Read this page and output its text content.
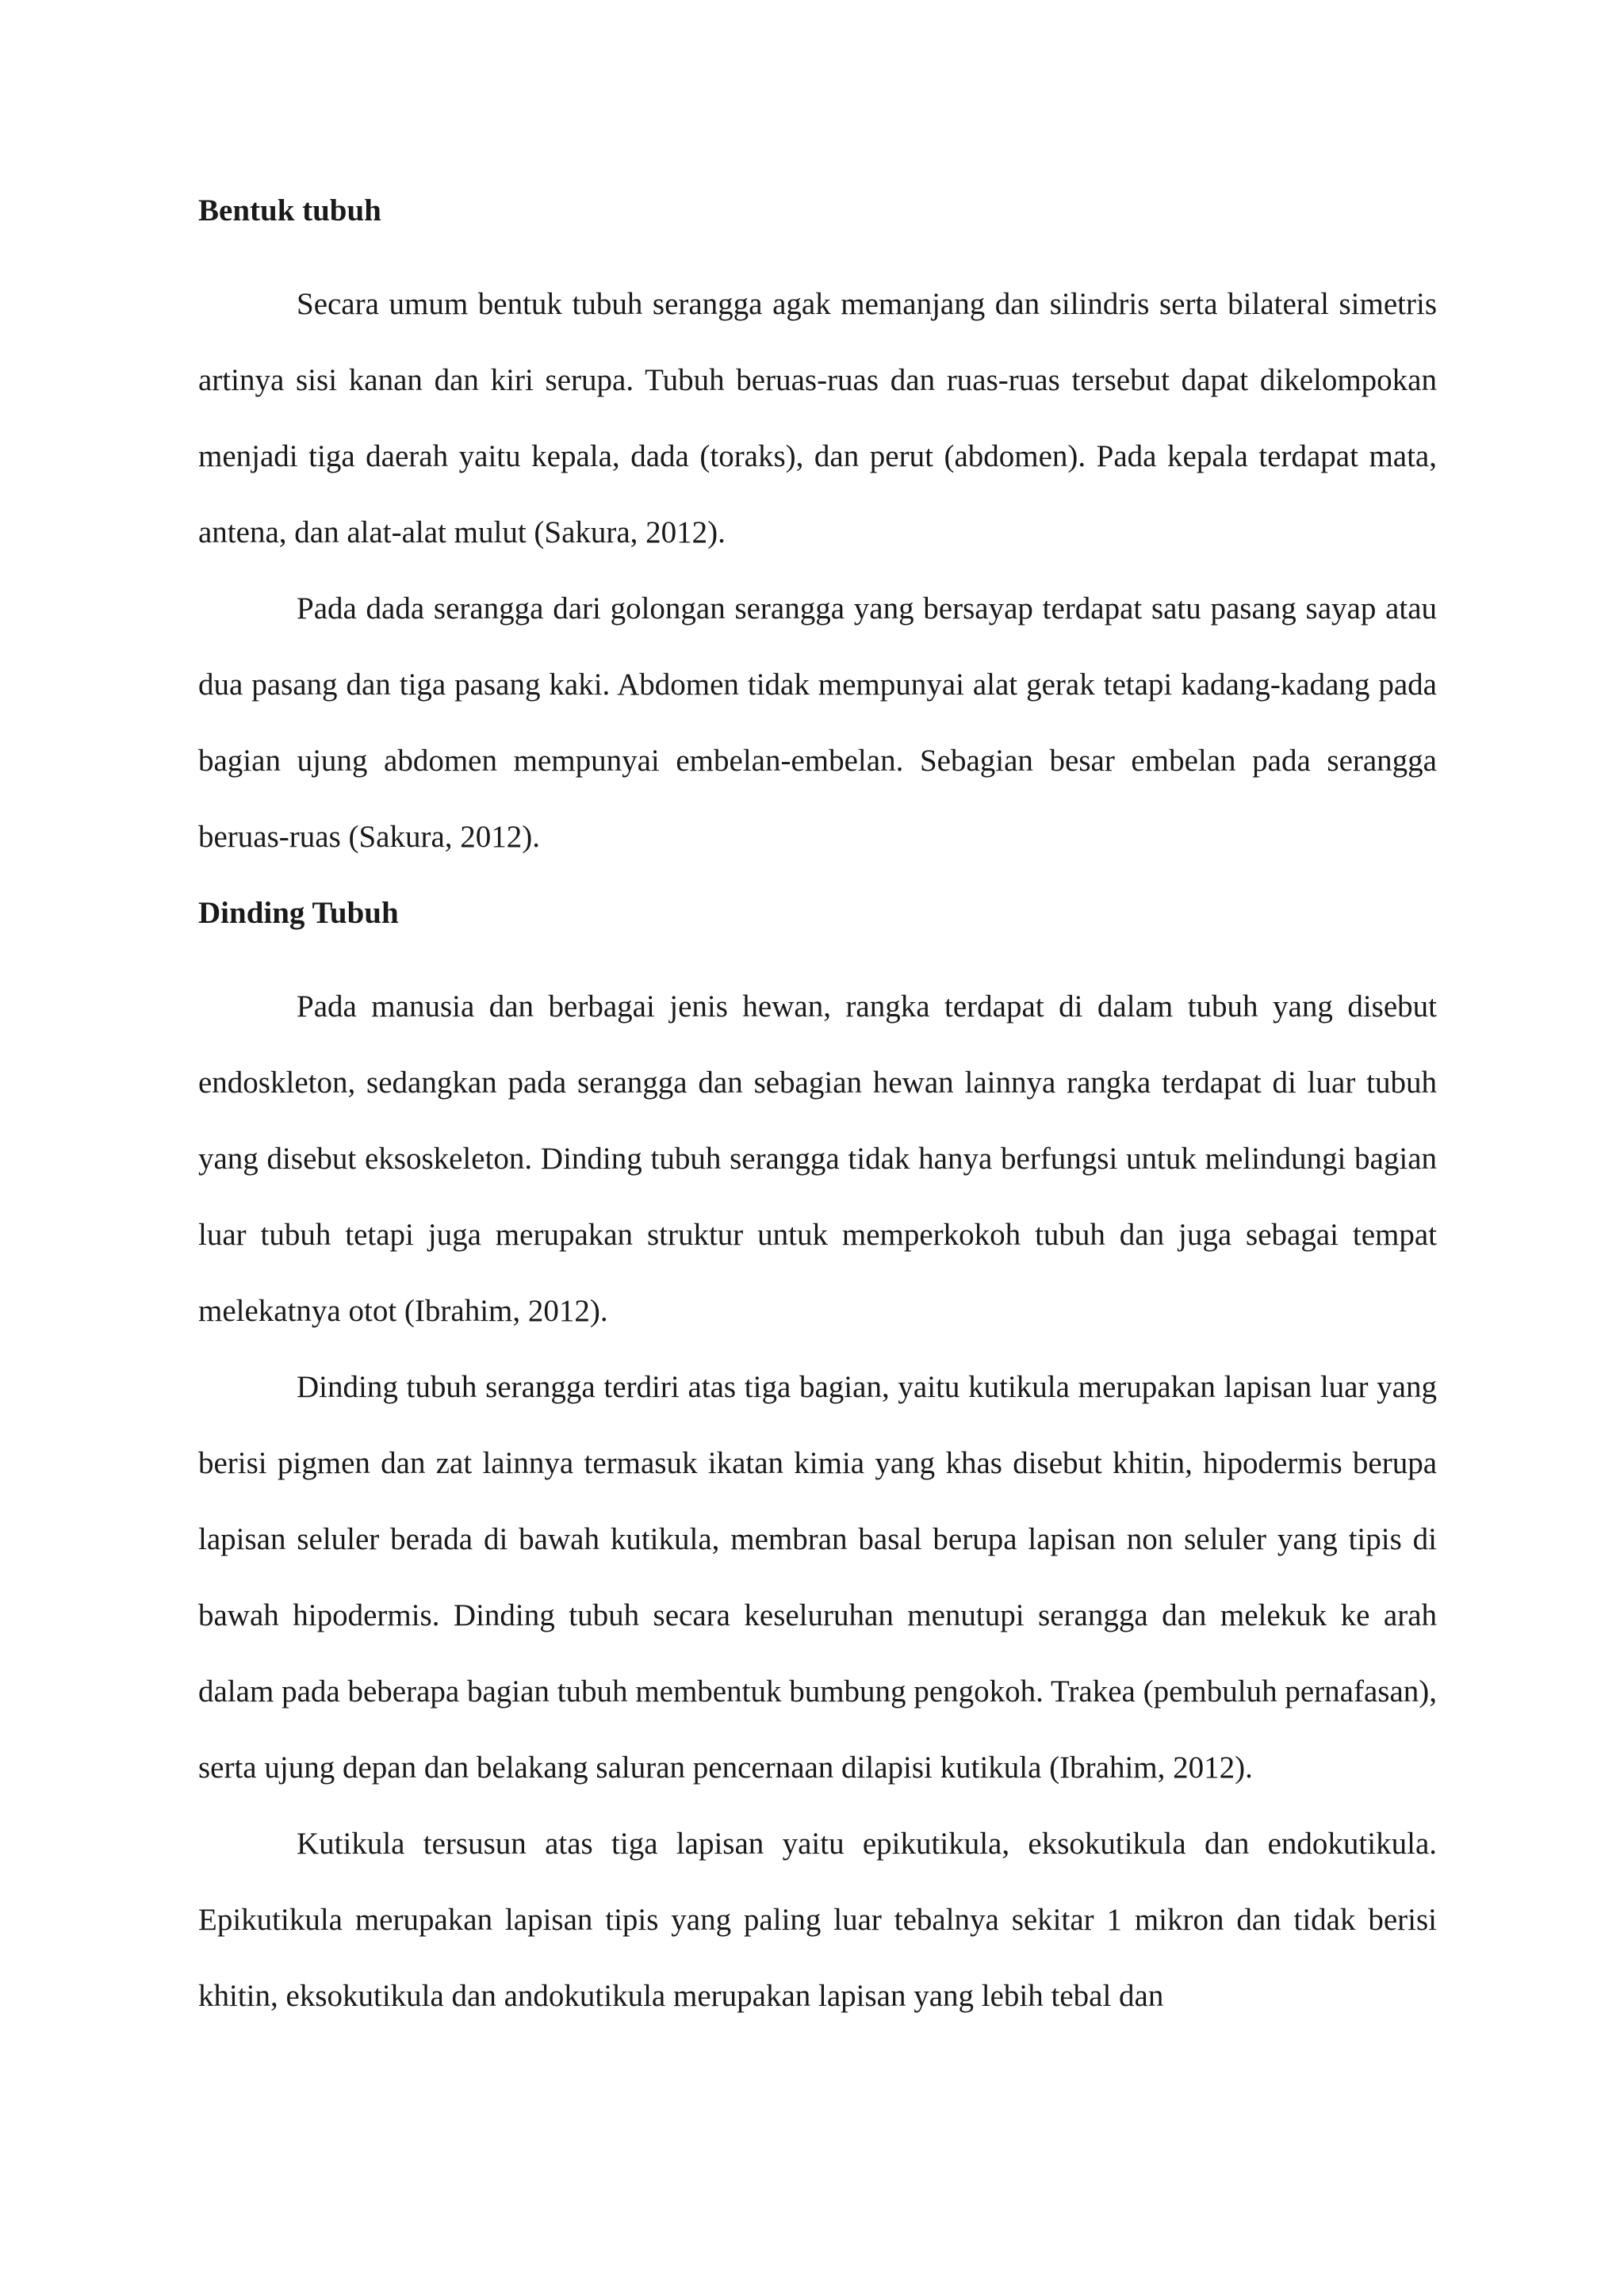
Bentuk tubuh

Secara umum bentuk tubuh serangga agak memanjang dan silindris serta bilateral simetris artinya sisi kanan dan kiri serupa. Tubuh beruas-ruas dan ruas-ruas tersebut dapat dikelompokan menjadi tiga daerah yaitu kepala, dada (toraks), dan perut (abdomen). Pada kepala terdapat mata, antena, dan alat-alat mulut (Sakura, 2012).

Pada dada serangga dari golongan serangga yang bersayap terdapat satu pasang sayap atau dua pasang dan tiga pasang kaki. Abdomen tidak mempunyai alat gerak tetapi kadang-kadang pada bagian ujung abdomen mempunyai embelan-embelan. Sebagian besar embelan pada serangga beruas-ruas (Sakura, 2012).

Dinding Tubuh

Pada manusia dan berbagai jenis hewan, rangka terdapat di dalam tubuh yang disebut endoskleton, sedangkan pada serangga dan sebagian hewan lainnya rangka terdapat di luar tubuh yang disebut eksoskeleton. Dinding tubuh serangga tidak hanya berfungsi untuk melindungi bagian luar tubuh tetapi juga merupakan struktur untuk memperkokoh tubuh dan juga sebagai tempat melekatnya otot (Ibrahim, 2012).

Dinding tubuh serangga terdiri atas tiga bagian, yaitu kutikula merupakan lapisan luar yang berisi pigmen dan zat lainnya termasuk ikatan kimia yang khas disebut khitin, hipodermis berupa lapisan seluler berada di bawah kutikula, membran basal berupa lapisan non seluler yang tipis di bawah hipodermis. Dinding tubuh secara keseluruhan menutupi serangga dan melekuk ke arah dalam pada beberapa bagian tubuh membentuk bumbung pengokoh. Trakea (pembuluh pernafasan), serta ujung depan dan belakang saluran pencernaan dilapisi kutikula (Ibrahim, 2012).

Kutikula tersusun atas tiga lapisan yaitu epikutikula, eksokutikula dan endokutikula. Epikutikula merupakan lapisan tipis yang paling luar tebalnya sekitar 1 mikron dan tidak berisi khitin, eksokutikula dan andokutikula merupakan lapisan yang lebih tebal dan
